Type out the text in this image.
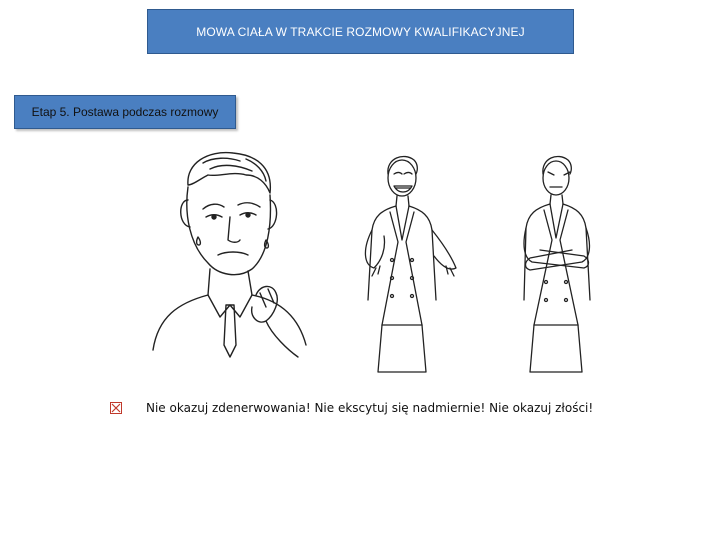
MOWA CIAŁA W TRAKCIE ROZMOWY KWALIFIKACYJNEJ
Etap 5. Postawa podczas rozmowy
Nie okazuj zdenerwowania! Nie ekscytuj się nadmiernie! Nie okazuj złości!
